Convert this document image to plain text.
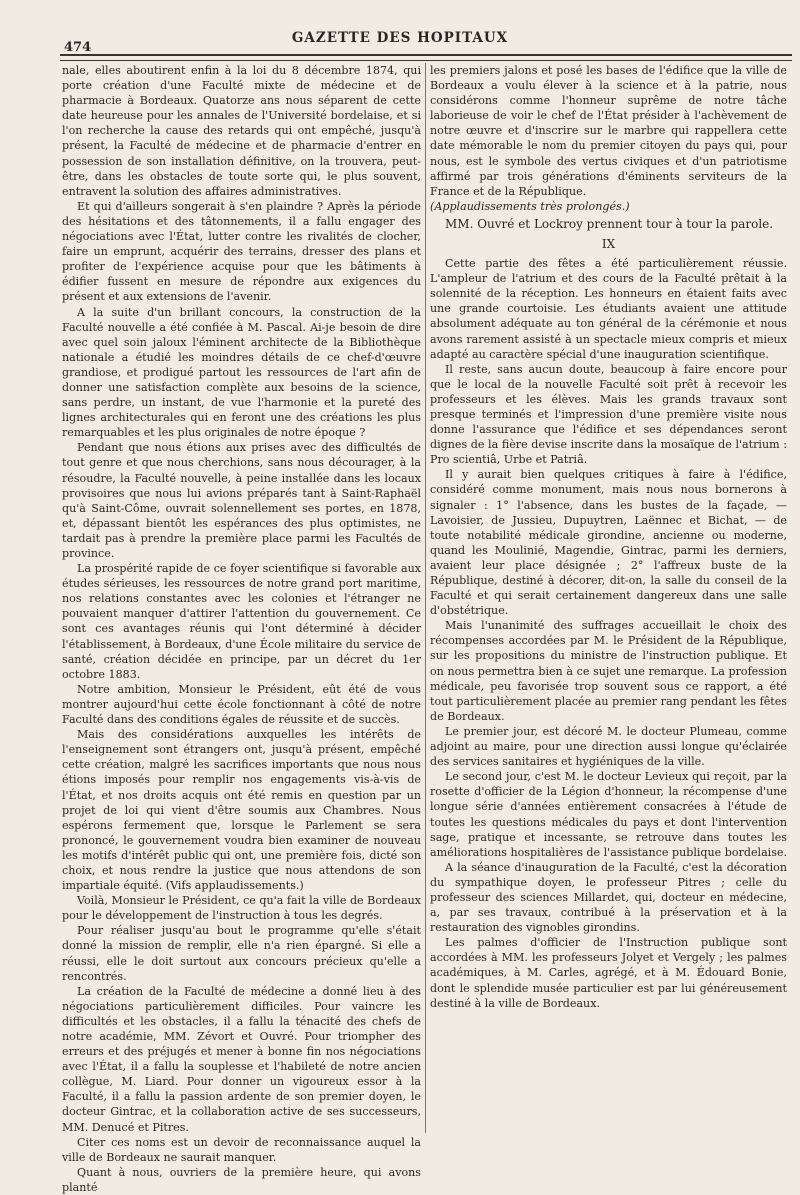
474
GAZETTE DES HOPITAUX

nale, elles aboutirent enfin à la loi du 8 décembre 1874, qui porte création d'une Faculté mixte de médecine et de pharmacie à Bordeaux. Quatorze ans nous séparent de cette date heureuse pour les annales de l'Université bordelaise, et si l'on recherche la cause des retards qui ont empêché, jusqu'à présent, la Faculté de médecine et de pharmacie d'entrer en possession de son installation définitive, on la trouvera, peut-être, dans les obstacles de toute sorte qui, le plus souvent, entravent la solution des affaires administratives.

Et qui d'ailleurs songerait à s'en plaindre ? Après la période des hésitations et des tâtonnements, il a fallu engager des négociations avec l'État, lutter contre les rivalités de clocher, faire un emprunt, acquérir des terrains, dresser des plans et profiter de l'expérience acquise pour que les bâtiments à édifier fussent en mesure de répondre aux exigences du présent et aux extensions de l'avenir.

A la suite d'un brillant concours, la construction de la Faculté nouvelle a été confiée à M. Pascal. Ai-je besoin de dire avec quel soin jaloux l'éminent architecte de la Bibliothèque nationale a étudié les moindres détails de ce chef-d'œuvre grandiose, et prodigué partout les ressources de l'art afin de donner une satisfaction complète aux besoins de la science, sans perdre, un instant, de vue l'harmonie et la pureté des lignes architecturales qui en feront une des créations les plus remarquables et les plus originales de notre époque ?

Pendant que nous étions aux prises avec des difficultés de tout genre et que nous cherchions, sans nous décourager, à la résoudre, la Faculté nouvelle, à peine installée dans les locaux provisoires que nous lui avions préparés tant à Saint-Raphaël qu'à Saint-Côme, ouvrait solennellement ses portes, en 1878, et, dépassant bientôt les espérances des plus optimistes, ne tardait pas à prendre la première place parmi les Facultés de province.

La prospérité rapide de ce foyer scientifique si favorable aux études sérieuses, les ressources de notre grand port maritime, nos relations constantes avec les colonies et l'étranger ne pouvaient manquer d'attirer l'attention du gouvernement. Ce sont ces avantages réunis qui l'ont déterminé à décider l'établissement, à Bordeaux, d'une École militaire du service de santé, création décidée en principe, par un décret du 1er octobre 1883.

Notre ambition, Monsieur le Président, eût été de vous montrer aujourd'hui cette école fonctionnant à côté de notre Faculté dans des conditions égales de réussite et de succès.

Mais des considérations auxquelles les intérêts de l'enseignement sont étrangers ont, jusqu'à présent, empêché cette création, malgré les sacrifices importants que nous nous étions imposés pour remplir nos engagements vis-à-vis de l'État, et nos droits acquis ont été remis en question par un projet de loi qui vient d'être soumis aux Chambres. Nous espérons fermement que, lorsque le Parlement se sera prononcé, le gouvernement voudra bien examiner de nouveau les motifs d'intérêt public qui ont, une première fois, dicté son choix, et nous rendre la justice que nous attendons de son impartiale équité. (Vifs applaudissements.)

Voilà, Monsieur le Président, ce qu'a fait la ville de Bordeaux pour le développement de l'instruction à tous les degrés.

Pour réaliser jusqu'au bout le programme qu'elle s'était donné la mission de remplir, elle n'a rien épargné. Si elle a réussi, elle le doit surtout aux concours précieux qu'elle a rencontrés.

La création de la Faculté de médecine a donné lieu à des négociations particulièrement difficiles. Pour vaincre les difficultés et les obstacles, il a fallu la ténacité des chefs de notre académie, MM. Zévort et Ouvré. Pour triompher des erreurs et des préjugés et mener à bonne fin nos négociations avec l'État, il a fallu la souplesse et l'habileté de notre ancien collègue, M. Liard. Pour donner un vigoureux essor à la Faculté, il a fallu la passion ardente de son premier doyen, le docteur Gintrac, et la collaboration active de ses successeurs, MM. Denucé et Pitres.

Citer ces noms est un devoir de reconnaissance auquel la ville de Bordeaux ne saurait manquer.

Quant à nous, ouvriers de la première heure, qui avons planté

les premiers jalons et posé les bases de l'édifice que la ville de Bordeaux a voulu élever à la science et à la patrie, nous considérons comme l'honneur suprême de notre tâche laborieuse de voir le chef de l'État présider à l'achèvement de notre œuvre et d'inscrire sur le marbre qui rappellera cette date mémorable le nom du premier citoyen du pays qui, pour nous, est le symbole des vertus civiques et d'un patriotisme affirmé par trois générations d'éminents serviteurs de la France et de la République.

(Applaudissements très prolongés.)

MM. Ouvré et Lockroy prennent tour à tour la parole.

IX

Cette partie des fêtes a été particulièrement réussie. L'ampleur de l'atrium et des cours de la Faculté prêtait à la solennité de la réception. Les honneurs en étaient faits avec une grande courtoisie. Les étudiants avaient une attitude absolument adéquate au ton général de la cérémonie et nous avons rarement assisté à un spectacle mieux compris et mieux adapté au caractère spécial d'une inauguration scientifique.

Il reste, sans aucun doute, beaucoup à faire encore pour que le local de la nouvelle Faculté soit prêt à recevoir les professeurs et les élèves. Mais les grands travaux sont presque terminés et l'impression d'une première visite nous donne l'assurance que l'édifice et ses dépendances seront dignes de la fière devise inscrite dans la mosaïque de l'atrium : Pro scientiâ, Urbe et Patriâ.

Il y aurait bien quelques critiques à faire à l'édifice, considéré comme monument, mais nous nous bornerons à signaler : 1° l'absence, dans les bustes de la façade, — Lavoisier, de Jussieu, Dupuytren, Laënnec et Bichat, — de toute notabilité médicale girondine, ancienne ou moderne, quand les Moulinié, Magendie, Gintrac, parmi les derniers, avaient leur place désignée ; 2° l'affreux buste de la République, destiné à décorer, dit-on, la salle du conseil de la Faculté et qui serait certainement dangereux dans une salle d'obstétrique.

Mais l'unanimité des suffrages accueillait le choix des récompenses accordées par M. le Président de la République, sur les propositions du ministre de l'instruction publique. Et on nous permettra bien à ce sujet une remarque. La profession médicale, peu favorisée trop souvent sous ce rapport, a été tout particulièrement placée au premier rang pendant les fêtes de Bordeaux.

Le premier jour, est décoré M. le docteur Plumeau, comme adjoint au maire, pour une direction aussi longue qu'éclairée des services sanitaires et hygiéniques de la ville.

Le second jour, c'est M. le docteur Levieux qui reçoit, par la rosette d'officier de la Légion d'honneur, la récompense d'une longue série d'années entièrement consacrées à l'étude de toutes les questions médicales du pays et dont l'intervention sage, pratique et incessante, se retrouve dans toutes les améliorations hospitalières de l'assistance publique bordelaise.

A la séance d'inauguration de la Faculté, c'est la décoration du sympathique doyen, le professeur Pitres ; celle du professeur des sciences Millardet, qui, docteur en médecine, a, par ses travaux, contribué à la préservation et à la restauration des vignobles girondins.

Les palmes d'officier de l'Instruction publique sont accordées à MM. les professeurs Jolyet et Vergely ; les palmes académiques, à M. Carles, agrégé, et à M. Édouard Bonie, dont le splendide musée particulier est par lui généreusement destiné à la ville de Bordeaux.
